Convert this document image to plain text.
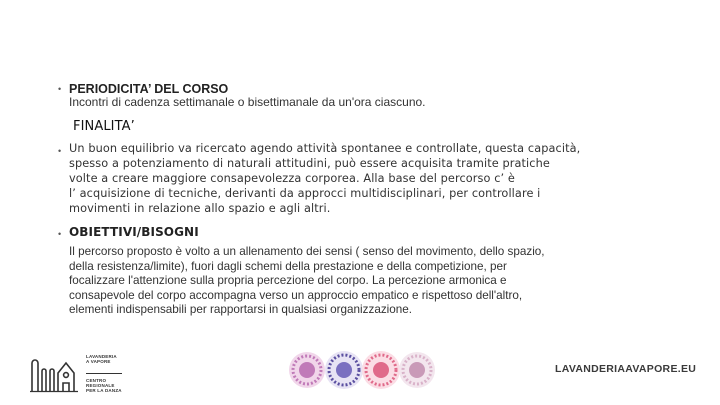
• PERIODICITA’ DEL CORSO
Incontri di cadenza settimanale o bisettimanale da un'ora ciascuno.
FINALITA’
• Un buon equilibrio va ricercato agendo attività spontanee e controllate, questa capacità,
spesso a potenziamento di naturali attitudini, può essere acquisita tramite pratiche
volte a creare maggiore consapevolezza corporea. Alla base del percorso c’ è
l’ acquisizione di tecniche, derivanti da approcci multidisciplinari, per controllare i
movimenti in relazione allo spazio e agli altri.
• OBIETTIVI/BISOGNI
Il percorso proposto è volto a un allenamento dei sensi ( senso del movimento, dello spazio,
della resistenza/limite), fuori dagli schemi della prestazione e della competizione, per
focalizzare l'attenzione sulla propria percezione del corpo. La percezione armonica e
consapevole del corpo accompagna verso un approccio empatico e rispettoso dell'altro,
elementi indispensabili per rapportarsi in qualsiasi organizzazione.
LAVANDERIA
A VAPORE
CENTRO
REGIONALE
PER LA DANZA
LAVANDERIAAVAPORE.EU
